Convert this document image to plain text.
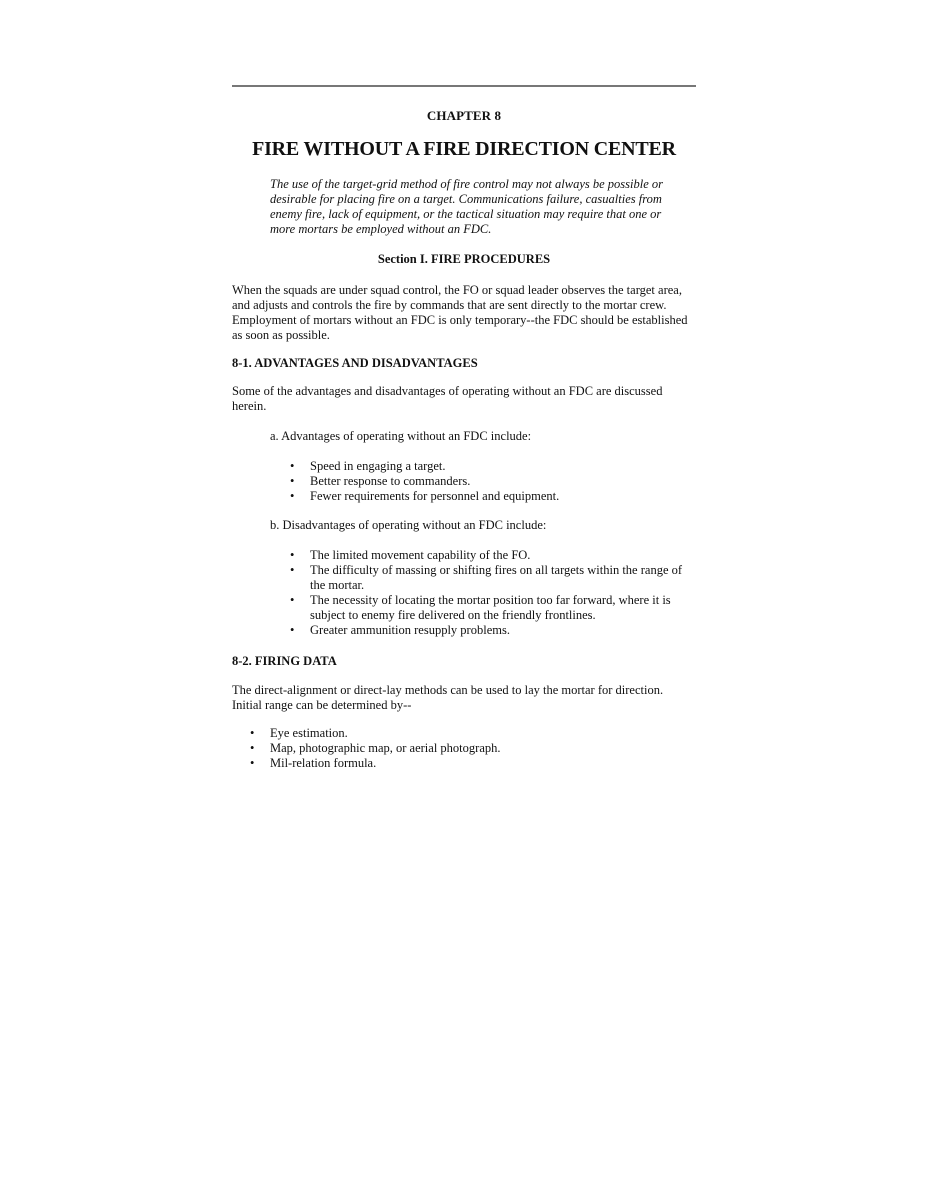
CHAPTER 8
FIRE WITHOUT A FIRE DIRECTION CENTER
The use of the target-grid method of fire control may not always be possible or desirable for placing fire on a target. Communications failure, casualties from enemy fire, lack of equipment, or the tactical situation may require that one or more mortars be employed without an FDC.
Section I. FIRE PROCEDURES
When the squads are under squad control, the FO or squad leader observes the target area, and adjusts and controls the fire by commands that are sent directly to the mortar crew. Employment of mortars without an FDC is only temporary--the FDC should be established as soon as possible.
8-1. ADVANTAGES AND DISADVANTAGES
Some of the advantages and disadvantages of operating without an FDC are discussed herein.
a. Advantages of operating without an FDC include:
• Speed in engaging a target.
• Better response to commanders.
• Fewer requirements for personnel and equipment.
b. Disadvantages of operating without an FDC include:
• The limited movement capability of the FO.
• The difficulty of massing or shifting fires on all targets within the range of the mortar.
• The necessity of locating the mortar position too far forward, where it is subject to enemy fire delivered on the friendly frontlines.
• Greater ammunition resupply problems.
8-2. FIRING DATA
The direct-alignment or direct-lay methods can be used to lay the mortar for direction. Initial range can be determined by--
• Eye estimation.
• Map, photographic map, or aerial photograph.
• Mil-relation formula.
